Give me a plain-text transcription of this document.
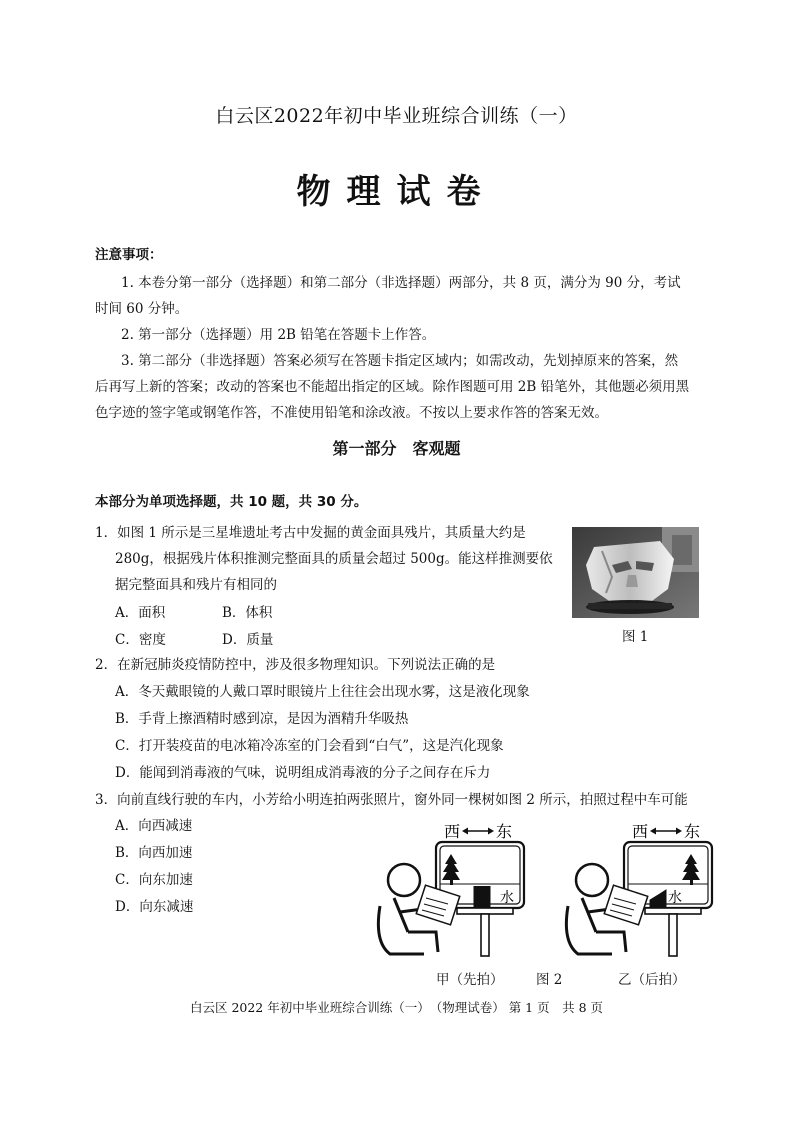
白云区2022年初中毕业班综合训练（一）
物理试卷
注意事项：
1. 本卷分第一部分（选择题）和第二部分（非选择题）两部分，共 8 页，满分为 90 分，考试
时间 60 分钟。
2. 第一部分（选择题）用 2B 铅笔在答题卡上作答。
3. 第二部分（非选择题）答案必须写在答题卡指定区域内；如需改动，先划掉原来的答案，然
后再写上新的答案；改动的答案也不能超出指定的区域。除作图题可用 2B 铅笔外，其他题必须用黑
色字迹的签字笔或钢笔作答，不准使用铅笔和涂改液。不按以上要求作答的答案无效。
第一部分　客观题
本部分为单项选择题，共 10 题，共 30 分。
1．如图 1 所示是三星堆遗址考古中发掘的黄金面具残片，其质量大约是
280g，根据残片体积推测完整面具的质量会超过 500g。能这样推测要依
据完整面具和残片有相同的
A．面积	B．体积
C．密度	D．质量	图 1
2．在新冠肺炎疫情防控中，涉及很多物理知识。下列说法正确的是
A．冬天戴眼镜的人戴口罩时眼镜片上往往会出现水雾，这是液化现象
B．手背上擦酒精时感到凉，是因为酒精升华吸热
C．打开装疫苗的电冰箱冷冻室的门会看到“白气”，这是汽化现象
D．能闻到消毒液的气味，说明组成消毒液的分子之间存在斥力
3．向前直线行驶的车内，小芳给小明连拍两张照片，窗外同一棵树如图 2 所示，拍照过程中车可能
A．向西减速
B．向西加速
C．向东加速
D．向东减速
西 东
水
西 东
水
甲（先拍） 图 2	乙（后拍）
白云区 2022 年初中毕业班综合训练（一）　（物理试卷） 第 1 页　共 8 页
